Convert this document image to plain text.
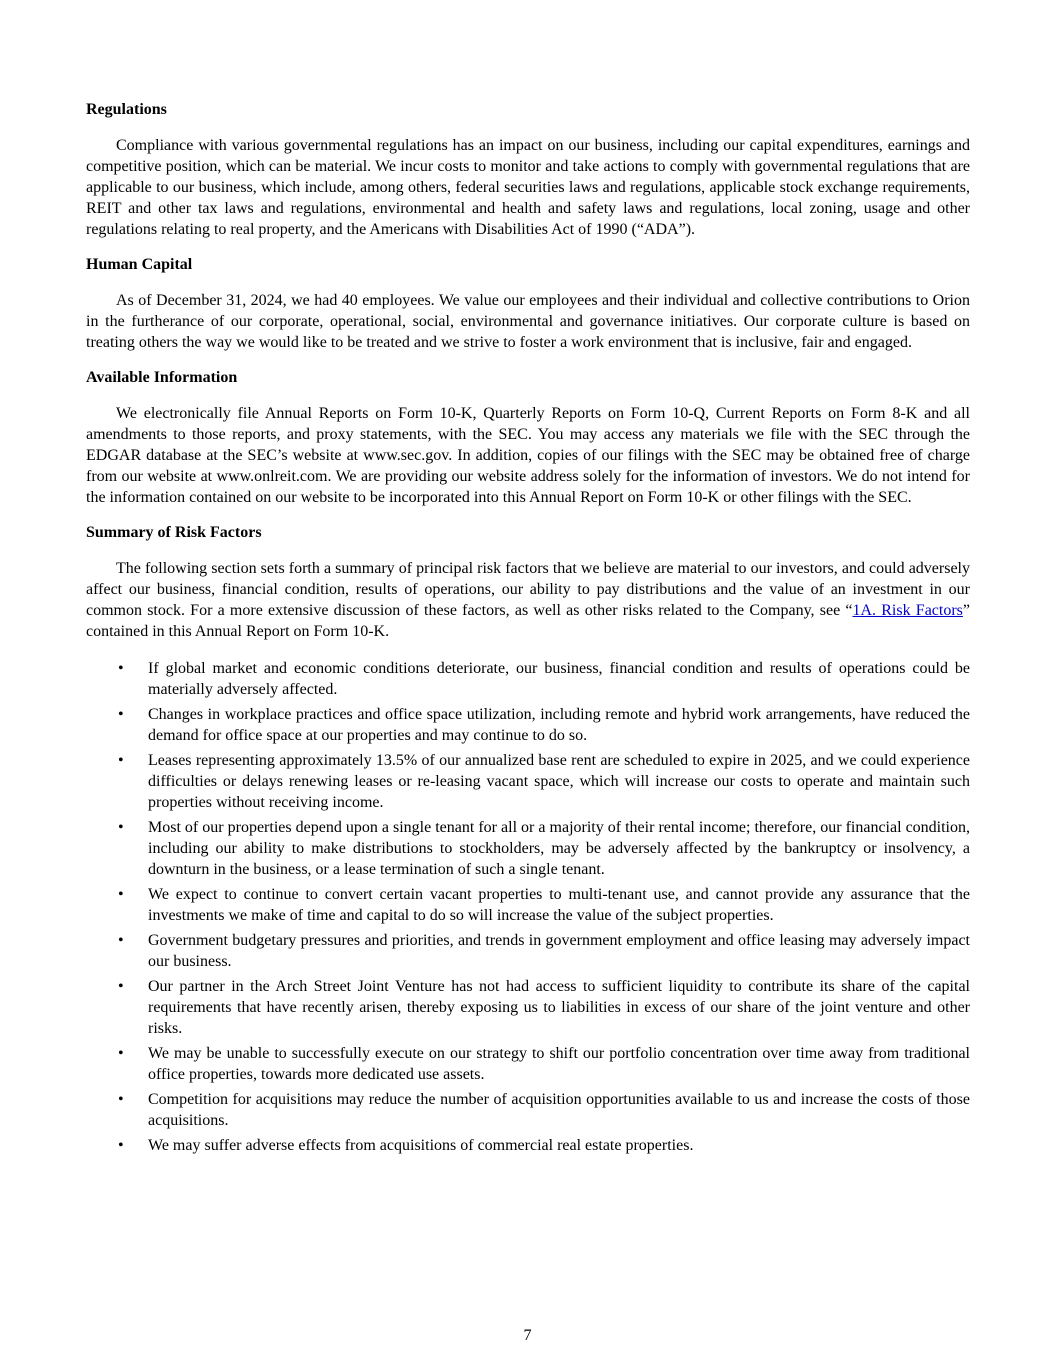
Regulations

Compliance with various governmental regulations has an impact on our business, including our capital expenditures, earnings and competitive position, which can be material. We incur costs to monitor and take actions to comply with governmental regulations that are applicable to our business, which include, among others, federal securities laws and regulations, applicable stock exchange requirements, REIT and other tax laws and regulations, environmental and health and safety laws and regulations, local zoning, usage and other regulations relating to real property, and the Americans with Disabilities Act of 1990 (“ADA”).

Human Capital

As of December 31, 2024, we had 40 employees. We value our employees and their individual and collective contributions to Orion in the furtherance of our corporate, operational, social, environmental and governance initiatives. Our corporate culture is based on treating others the way we would like to be treated and we strive to foster a work environment that is inclusive, fair and engaged.

Available Information

We electronically file Annual Reports on Form 10-K, Quarterly Reports on Form 10-Q, Current Reports on Form 8-K and all amendments to those reports, and proxy statements, with the SEC. You may access any materials we file with the SEC through the EDGAR database at the SEC’s website at www.sec.gov. In addition, copies of our filings with the SEC may be obtained free of charge from our website at www.onlreit.com. We are providing our website address solely for the information of investors. We do not intend for the information contained on our website to be incorporated into this Annual Report on Form 10-K or other filings with the SEC.

Summary of Risk Factors

The following section sets forth a summary of principal risk factors that we believe are material to our investors, and could adversely affect our business, financial condition, results of operations, our ability to pay distributions and the value of an investment in our common stock. For a more extensive discussion of these factors, as well as other risks related to the Company, see “1A. Risk Factors” contained in this Annual Report on Form 10-K.

•	If global market and economic conditions deteriorate, our business, financial condition and results of operations could be materially adversely affected.
•	Changes in workplace practices and office space utilization, including remote and hybrid work arrangements, have reduced the demand for office space at our properties and may continue to do so.
•	Leases representing approximately 13.5% of our annualized base rent are scheduled to expire in 2025, and we could experience difficulties or delays renewing leases or re-leasing vacant space, which will increase our costs to operate and maintain such properties without receiving income.
•	Most of our properties depend upon a single tenant for all or a majority of their rental income; therefore, our financial condition, including our ability to make distributions to stockholders, may be adversely affected by the bankruptcy or insolvency, a downturn in the business, or a lease termination of such a single tenant.
•	We expect to continue to convert certain vacant properties to multi-tenant use, and cannot provide any assurance that the investments we make of time and capital to do so will increase the value of the subject properties.
•	Government budgetary pressures and priorities, and trends in government employment and office leasing may adversely impact our business.
•	Our partner in the Arch Street Joint Venture has not had access to sufficient liquidity to contribute its share of the capital requirements that have recently arisen, thereby exposing us to liabilities in excess of our share of the joint venture and other risks.
•	We may be unable to successfully execute on our strategy to shift our portfolio concentration over time away from traditional office properties, towards more dedicated use assets.
•	Competition for acquisitions may reduce the number of acquisition opportunities available to us and increase the costs of those acquisitions.
•	We may suffer adverse effects from acquisitions of commercial real estate properties.
7
